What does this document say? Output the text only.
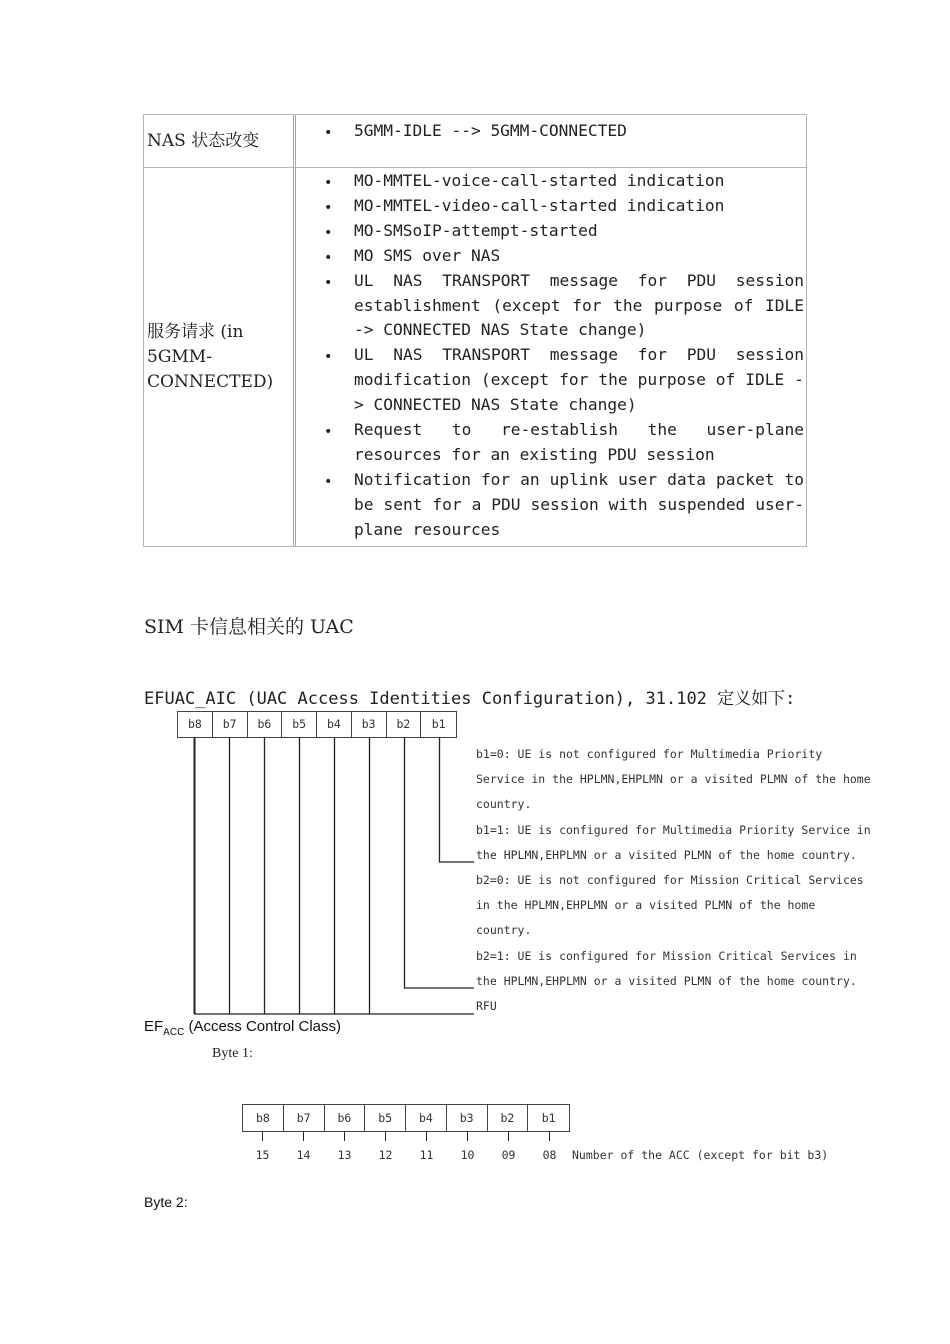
NAS 状态改变
•	5GMM-IDLE --> 5GMM-CONNECTED
服务请求 (in 5GMM-CONNECTED)
• MO-MMTEL-voice-call-started indication
• MO-MMTEL-video-call-started indication
• MO-SMSoIP-attempt-started
• MO SMS over NAS
• UL NAS TRANSPORT message for PDU session establishment (except for the purpose of IDLE -> CONNECTED NAS State change)
• UL NAS TRANSPORT message for PDU session modification (except for the purpose of IDLE -> CONNECTED NAS State change)
• Request to re-establish the user-plane resources for an existing PDU session
• Notification for an uplink user data packet to be sent for a PDU session with suspended user-plane resources
SIM 卡信息相关的 UAC
EFUAC_AIC (UAC Access Identities Configuration), 31.102 定义如下:
b8	b7	b6	b5	b4	b3	b2	b1

b1=0: UE is not configured for Multimedia Priority

Service in the HPLMN,EHPLMN or a visited PLMN of the home

country.

b1=1: UE is configured for Multimedia Priority Service in

the HPLMN,EHPLMN or a visited PLMN of the home country.

b2=0: UE is not configured for Mission Critical Services

in the HPLMN,EHPLMN or a visited PLMN of the home

country.

b2=1: UE is configured for Mission Critical Services in

the HPLMN,EHPLMN or a visited PLMN of the home country.

RFU

$EF_{ACC}$ (Access Control Class)
Byte 1:
b8	b7	b6	b5	b4	b3	b2	b1
15	14	13	12	11	10	09	08	Number of the ACC (except for bit b3)
Byte 2:
